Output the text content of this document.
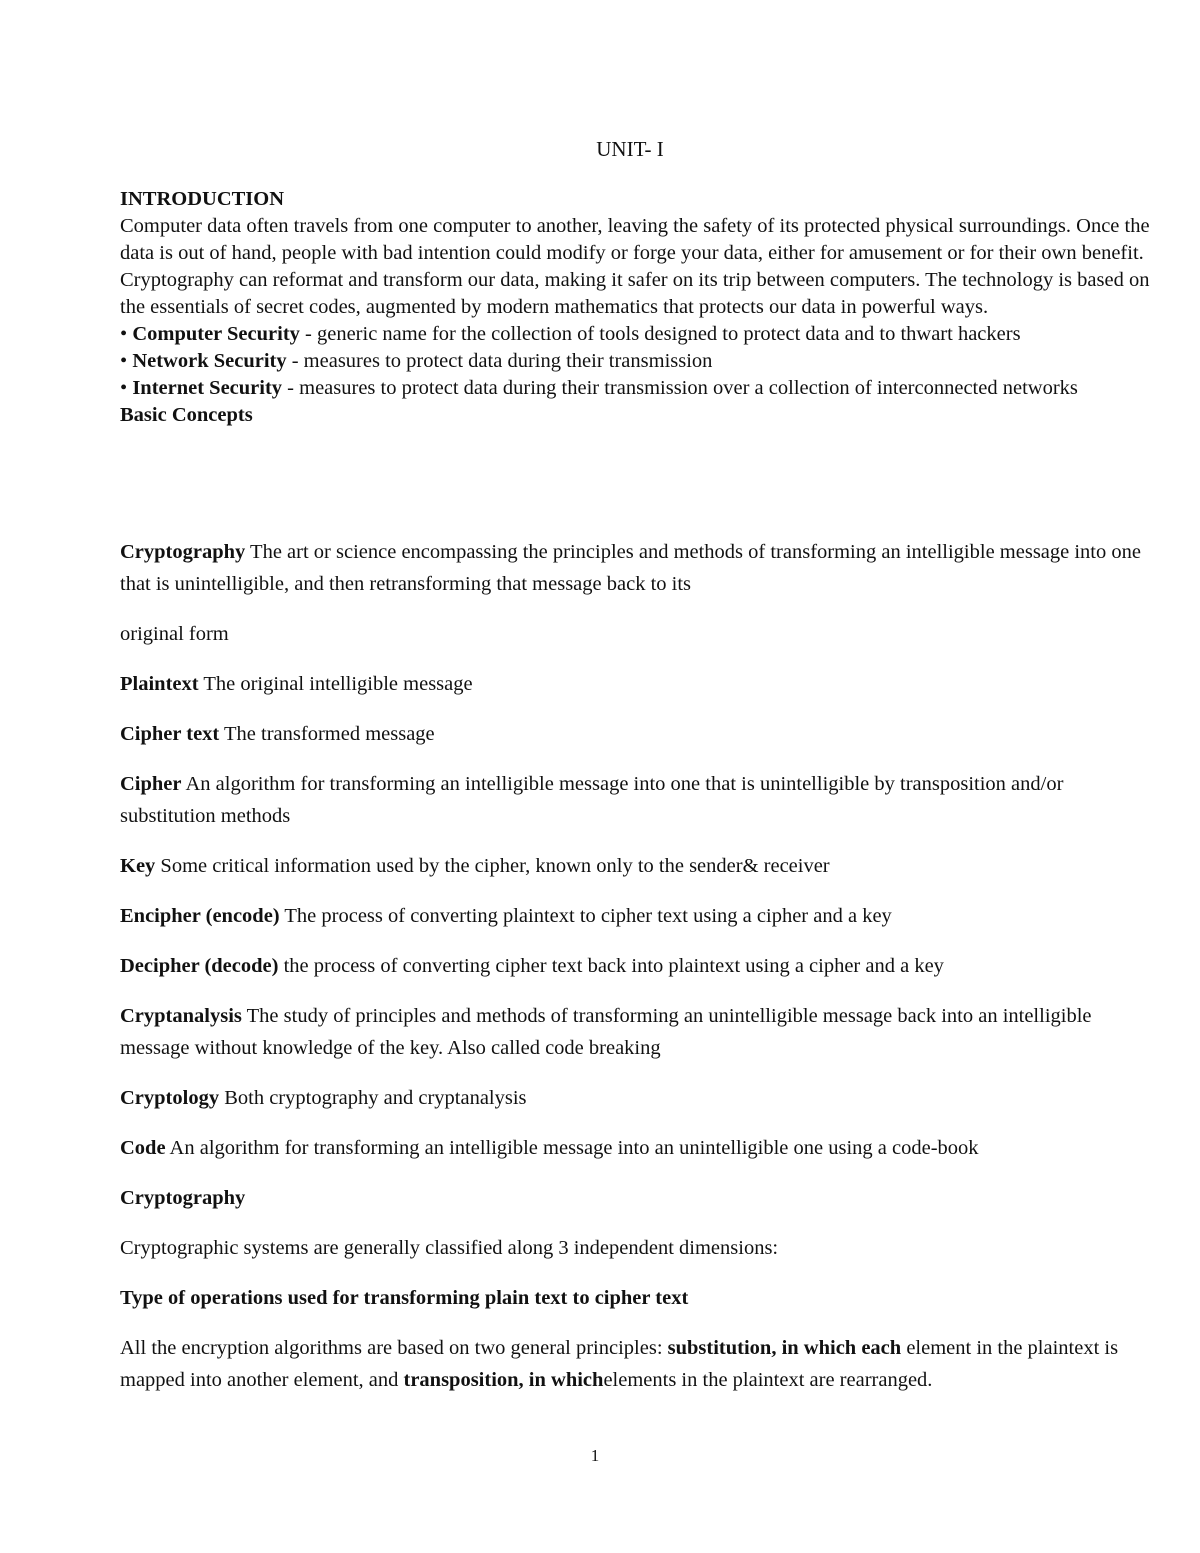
UNIT- I

INTRODUCTION

Computer data often travels from one computer to another, leaving the safety of its protected physical surroundings. Once the data is out of hand, people with bad intention could modify or forge your data, either for amusement or for their own benefit. Cryptography can reformat and transform our data, making it safer on its trip between computers. The technology is based on the essentials of secret codes, augmented by modern mathematics that protects our data in powerful ways.

• Computer Security - generic name for the collection of tools designed to protect data and to thwart hackers

• Network Security - measures to protect data during their transmission

• Internet Security - measures to protect data during their transmission over a collection of interconnected networks

Basic Concepts

Cryptography The art or science encompassing the principles and methods of transforming an intelligible message into one that is unintelligible, and then retransforming that message back to its

original form

Plaintext The original intelligible message

Cipher text The transformed message

Cipher An algorithm for transforming an intelligible message into one that is unintelligible by transposition and/or substitution methods

Key Some critical information used by the cipher, known only to the sender& receiver

Encipher (encode) The process of converting plaintext to cipher text using a cipher and a key

Decipher (decode) the process of converting cipher text back into plaintext using a cipher and a key

Cryptanalysis The study of principles and methods of transforming an unintelligible message back into an intelligible message without knowledge of the key. Also called code breaking

Cryptology Both cryptography and cryptanalysis

Code An algorithm for transforming an intelligible message into an unintelligible one using a code-book

Cryptography

Cryptographic systems are generally classified along 3 independent dimensions:

Type of operations used for transforming plain text to cipher text

All the encryption algorithms are based on two general principles: substitution, in which each element in the plaintext is mapped into another element, and transposition, in whichelements in the plaintext are rearranged.

1
